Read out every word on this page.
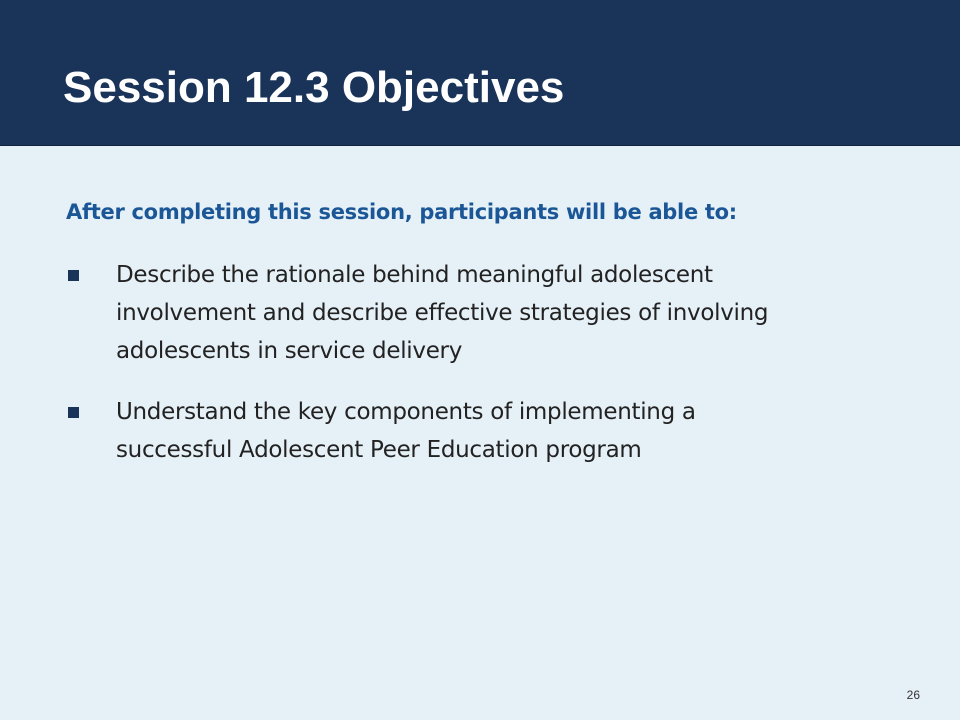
Session 12.3 Objectives
After completing this session, participants will be able to:
Describe the rationale behind meaningful adolescent
involvement and describe effective strategies of involving
adolescents in service delivery
Understand the key components of implementing a
successful Adolescent Peer Education program
26
